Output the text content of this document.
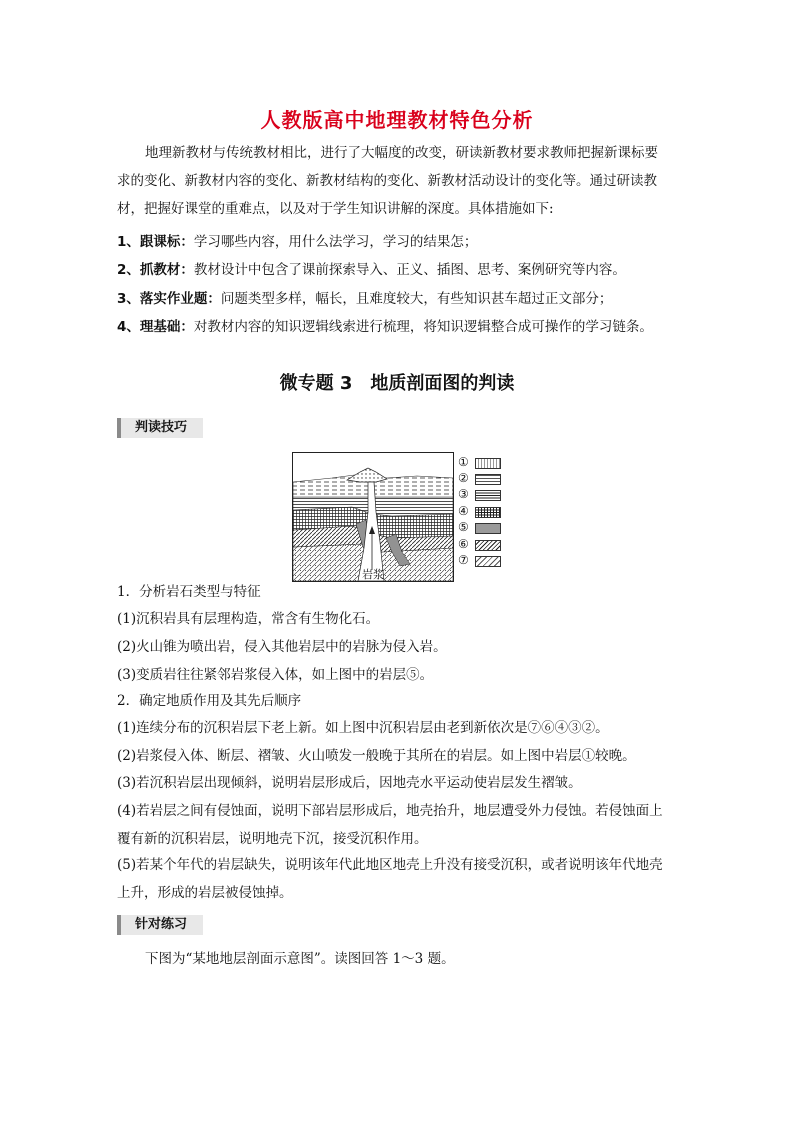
人教版高中地理教材特色分析
地理新教材与传统教材相比，进行了大幅度的改变，研读新教材要求教师把握新课标要
求的变化、新教材内容的变化、新教材结构的变化、新教材活动设计的变化等。通过研读教
材，把握好课堂的重难点，以及对于学生知识讲解的深度。具体措施如下:
1、跟课标：学习哪些内容，用什么法学习，学习的结果怎；
2、抓教材：教材设计中包含了课前探索导入、正义、插图、思考、案例研究等内容。
3、落实作业题：问题类型多样，幅长，且难度较大，有些知识甚车超过正文部分；
4、理基础：对教材内容的知识逻辑线索进行梳理，将知识逻辑整合成可操作的学习链条。
微专题 3　地质剖面图的判读
判读技巧
岩浆
①
②
③
④
⑤
⑥
⑦
1．分析岩石类型与特征
(1)沉积岩具有层理构造，常含有生物化石。
(2)火山锥为喷出岩，侵入其他岩层中的岩脉为侵入岩。
(3)变质岩往往紧邻岩浆侵入体，如上图中的岩层⑤。
2．确定地质作用及其先后顺序
(1)连续分布的沉积岩层下老上新。如上图中沉积岩层由老到新依次是⑦⑥④③②。
(2)岩浆侵入体、断层、褶皱、火山喷发一般晚于其所在的岩层。如上图中岩层①较晚。
(3)若沉积岩层出现倾斜，说明岩层形成后，因地壳水平运动使岩层发生褶皱。
(4)若岩层之间有侵蚀面，说明下部岩层形成后，地壳抬升，地层遭受外力侵蚀。若侵蚀面上
覆有新的沉积岩层，说明地壳下沉，接受沉积作用。
(5)若某个年代的岩层缺失，说明该年代此地区地壳上升没有接受沉积，或者说明该年代地壳
上升，形成的岩层被侵蚀掉。
针对练习
下图为“某地地层剖面示意图”。读图回答 1～3 题。
